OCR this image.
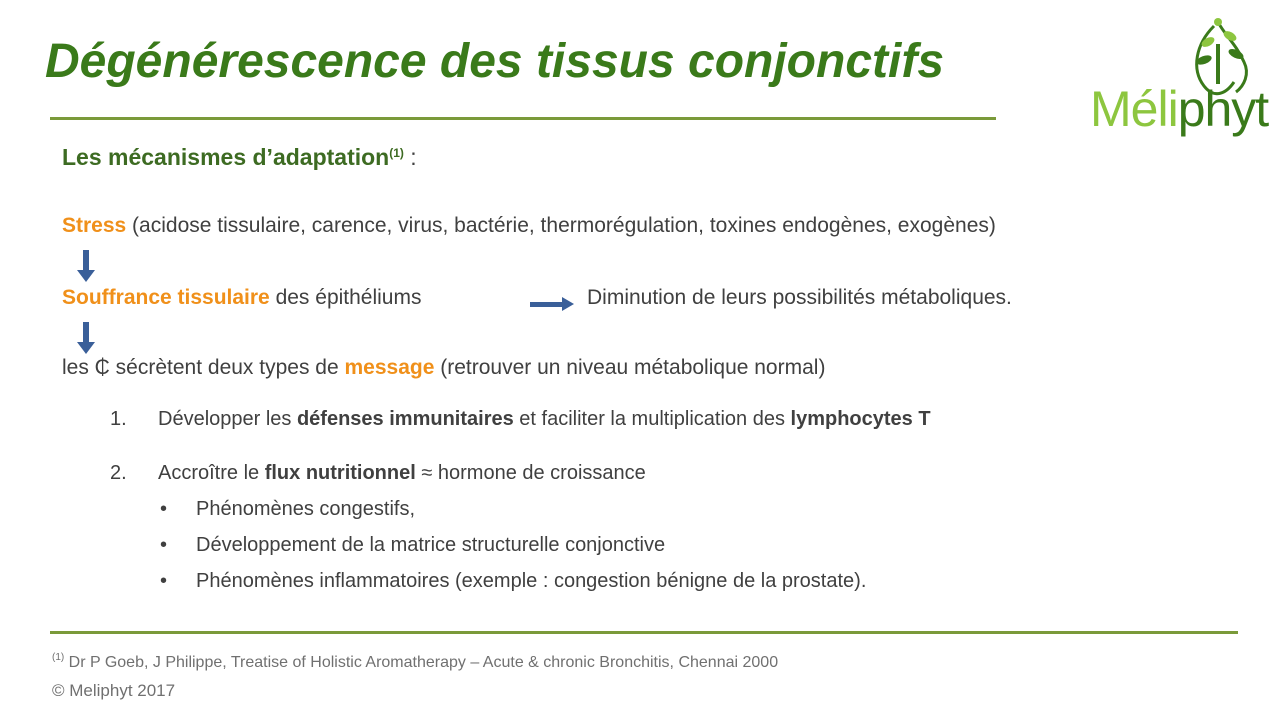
Dégénérescence des tissus conjonctifs
Méliphyt
Les mécanismes d’adaptation$^{(1)}$ :
Stress (acidose tissulaire, carence, virus, bactérie, thermorégulation, toxines endogènes, exogènes)
Souffrance tissulaire des épithéliums	Diminution de leurs possibilités métaboliques.
les ₵ sécrètent deux types de message (retrouver un niveau métabolique normal)
1. Développer les défenses immunitaires et faciliter la multiplication des lymphocytes T
2. Accroître le flux nutritionnel ≈ hormone de croissance
• Phénomènes congestifs,
• Développement de la matrice structurelle conjonctive
• Phénomènes inflammatoires (exemple : congestion bénigne de la prostate).
$^{(1)}$ Dr P Goeb, J Philippe, Treatise of Holistic Aromatherapy – Acute & chronic Bronchitis, Chennai 2000
© Meliphyt 2017
